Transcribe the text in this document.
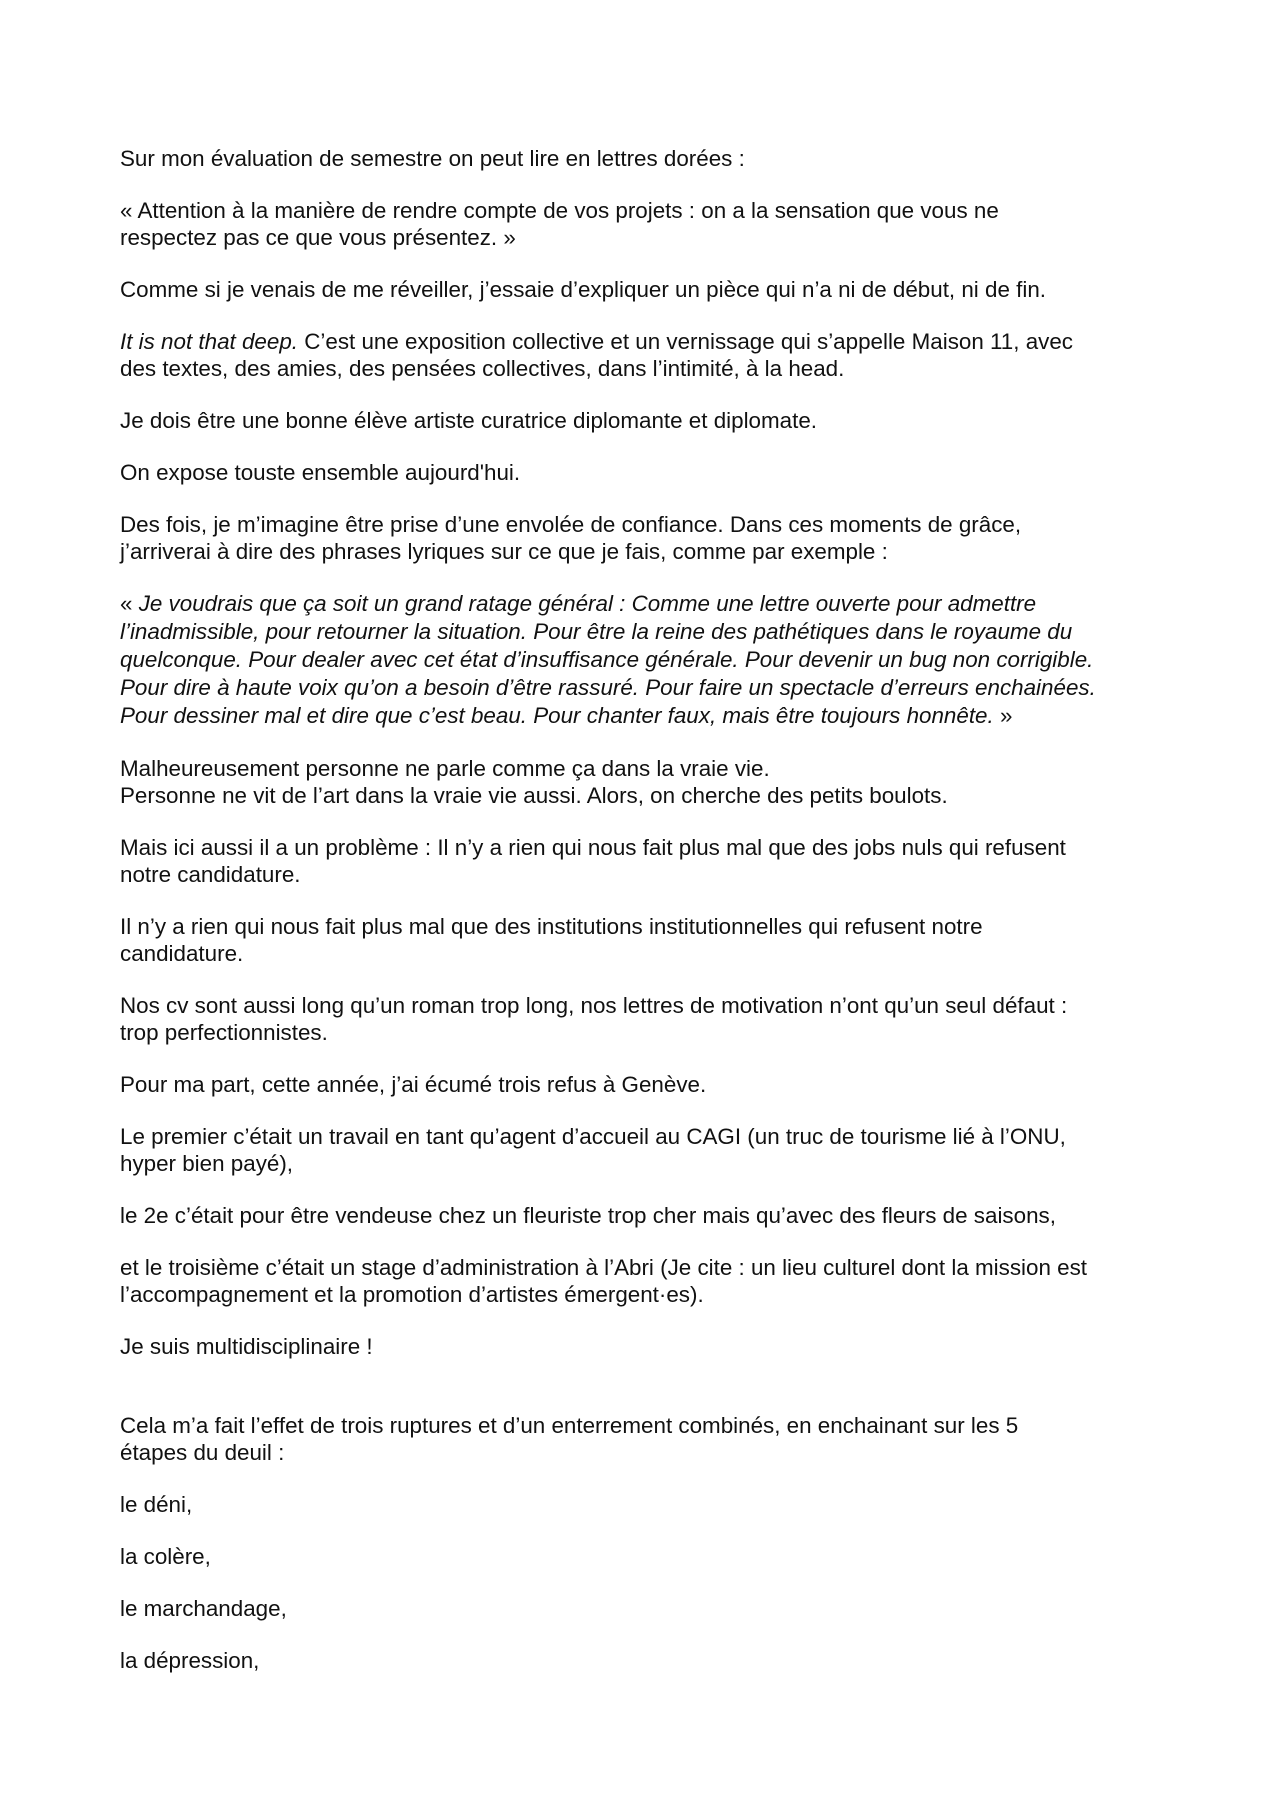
Sur mon évaluation de semestre on peut lire en lettres dorées :

« Attention à la manière de rendre compte de vos projets : on a la sensation que vous ne
respectez pas ce que vous présentez. »

Comme si je venais de me réveiller, j’essaie d’expliquer un pièce qui n’a ni de début, ni de fin.

It is not that deep. C’est une exposition collective et un vernissage qui s’appelle Maison 11, avec
des textes, des amies, des pensées collectives, dans l’intimité, à la head.

Je dois être une bonne élève artiste curatrice diplomante et diplomate.

On expose touste ensemble aujourd'hui.

Des fois, je m’imagine être prise d’une envolée de confiance. Dans ces moments de grâce,
j’arriverai à dire des phrases lyriques sur ce que je fais, comme par exemple :

« Je voudrais que ça soit un grand ratage général : Comme une lettre ouverte pour admettre
l’inadmissible, pour retourner la situation. Pour être la reine des pathétiques dans le royaume du
quelconque. Pour dealer avec cet état d’insuffisance générale. Pour devenir un bug non corrigible.
Pour dire à haute voix qu’on a besoin d’être rassuré. Pour faire un spectacle d’erreurs enchainées.
Pour dessiner mal et dire que c’est beau. Pour chanter faux, mais être toujours honnête. »

Malheureusement personne ne parle comme ça dans la vraie vie.
Personne ne vit de l’art dans la vraie vie aussi. Alors, on cherche des petits boulots.

Mais ici aussi il a un problème : Il n’y a rien qui nous fait plus mal que des jobs nuls qui refusent
notre candidature.

Il n’y a rien qui nous fait plus mal que des institutions institutionnelles qui refusent notre
candidature.

Nos cv sont aussi long qu’un roman trop long, nos lettres de motivation n’ont qu’un seul défaut :
trop perfectionnistes.

Pour ma part, cette année, j’ai écumé trois refus à Genève.

Le premier c’était un travail en tant qu’agent d’accueil au CAGI (un truc de tourisme lié à l’ONU,
hyper bien payé),

le 2e c’était pour être vendeuse chez un fleuriste trop cher mais qu’avec des fleurs de saisons,

et le troisième c’était un stage d’administration à l’Abri (Je cite : un lieu culturel dont la mission est
l’accompagnement et la promotion d’artistes émergent·es).

Je suis multidisciplinaire !

Cela m’a fait l’effet de trois ruptures et d’un enterrement combinés, en enchainant sur les 5
étapes du deuil :

le déni,

la colère,

le marchandage,

la dépression,
